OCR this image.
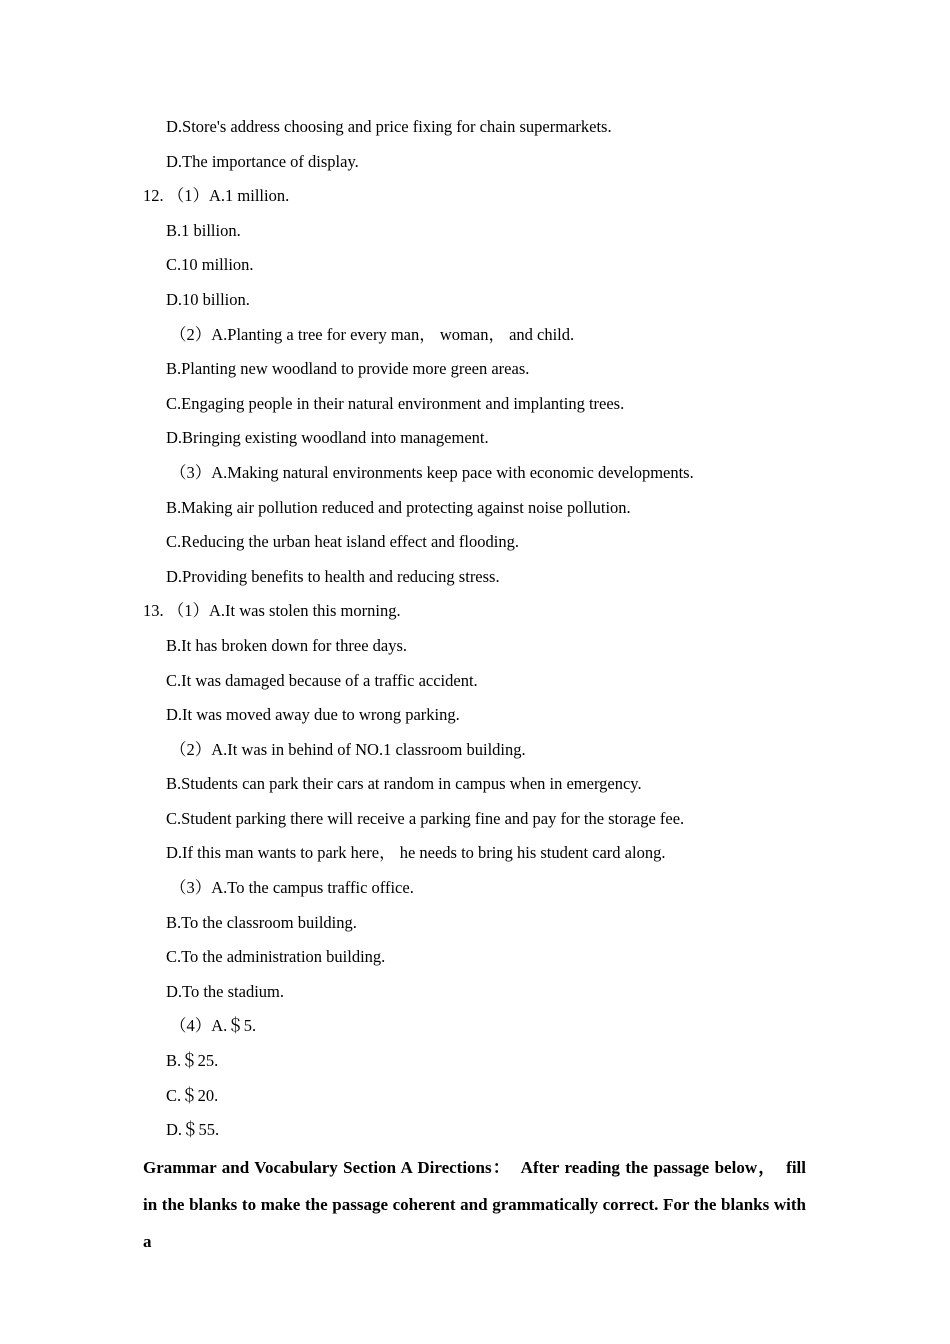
D.Store's address choosing and price fixing for chain supermarkets.

D.The importance of display.

12. （1）A.1 million.

B.1 billion.

C.10 million.

D.10 billion.

（2）A.Planting a tree for every man， woman， and child.

B.Planting new woodland to provide more green areas.

C.Engaging people in their natural environment and implanting trees.

D.Bringing existing woodland into management.

（3）A.Making natural environments keep pace with economic developments.

B.Making air pollution reduced and protecting against noise pollution.

C.Reducing the urban heat island effect and flooding.

D.Providing benefits to health and reducing stress.

13. （1）A.It was stolen this morning.

B.It has broken down for three days.

C.It was damaged because of a traffic accident.

D.It was moved away due to wrong parking.

（2）A.It was in behind of NO.1 classroom building.

B.Students can park their cars at random in campus when in emergency.

C.Student parking there will receive a parking fine and pay for the storage fee.

D.If this man wants to park here， he needs to bring his student card along.

（3）A.To the campus traffic office.

B.To the classroom building.

C.To the administration building.

D.To the stadium.

（4）A.＄5.

B.＄25.

C.＄20.

D.＄55.

Grammar and Vocabulary Section A Directions：　After reading the passage below，　fill in the blanks to make the passage coherent and grammatically correct. For the blanks with a
